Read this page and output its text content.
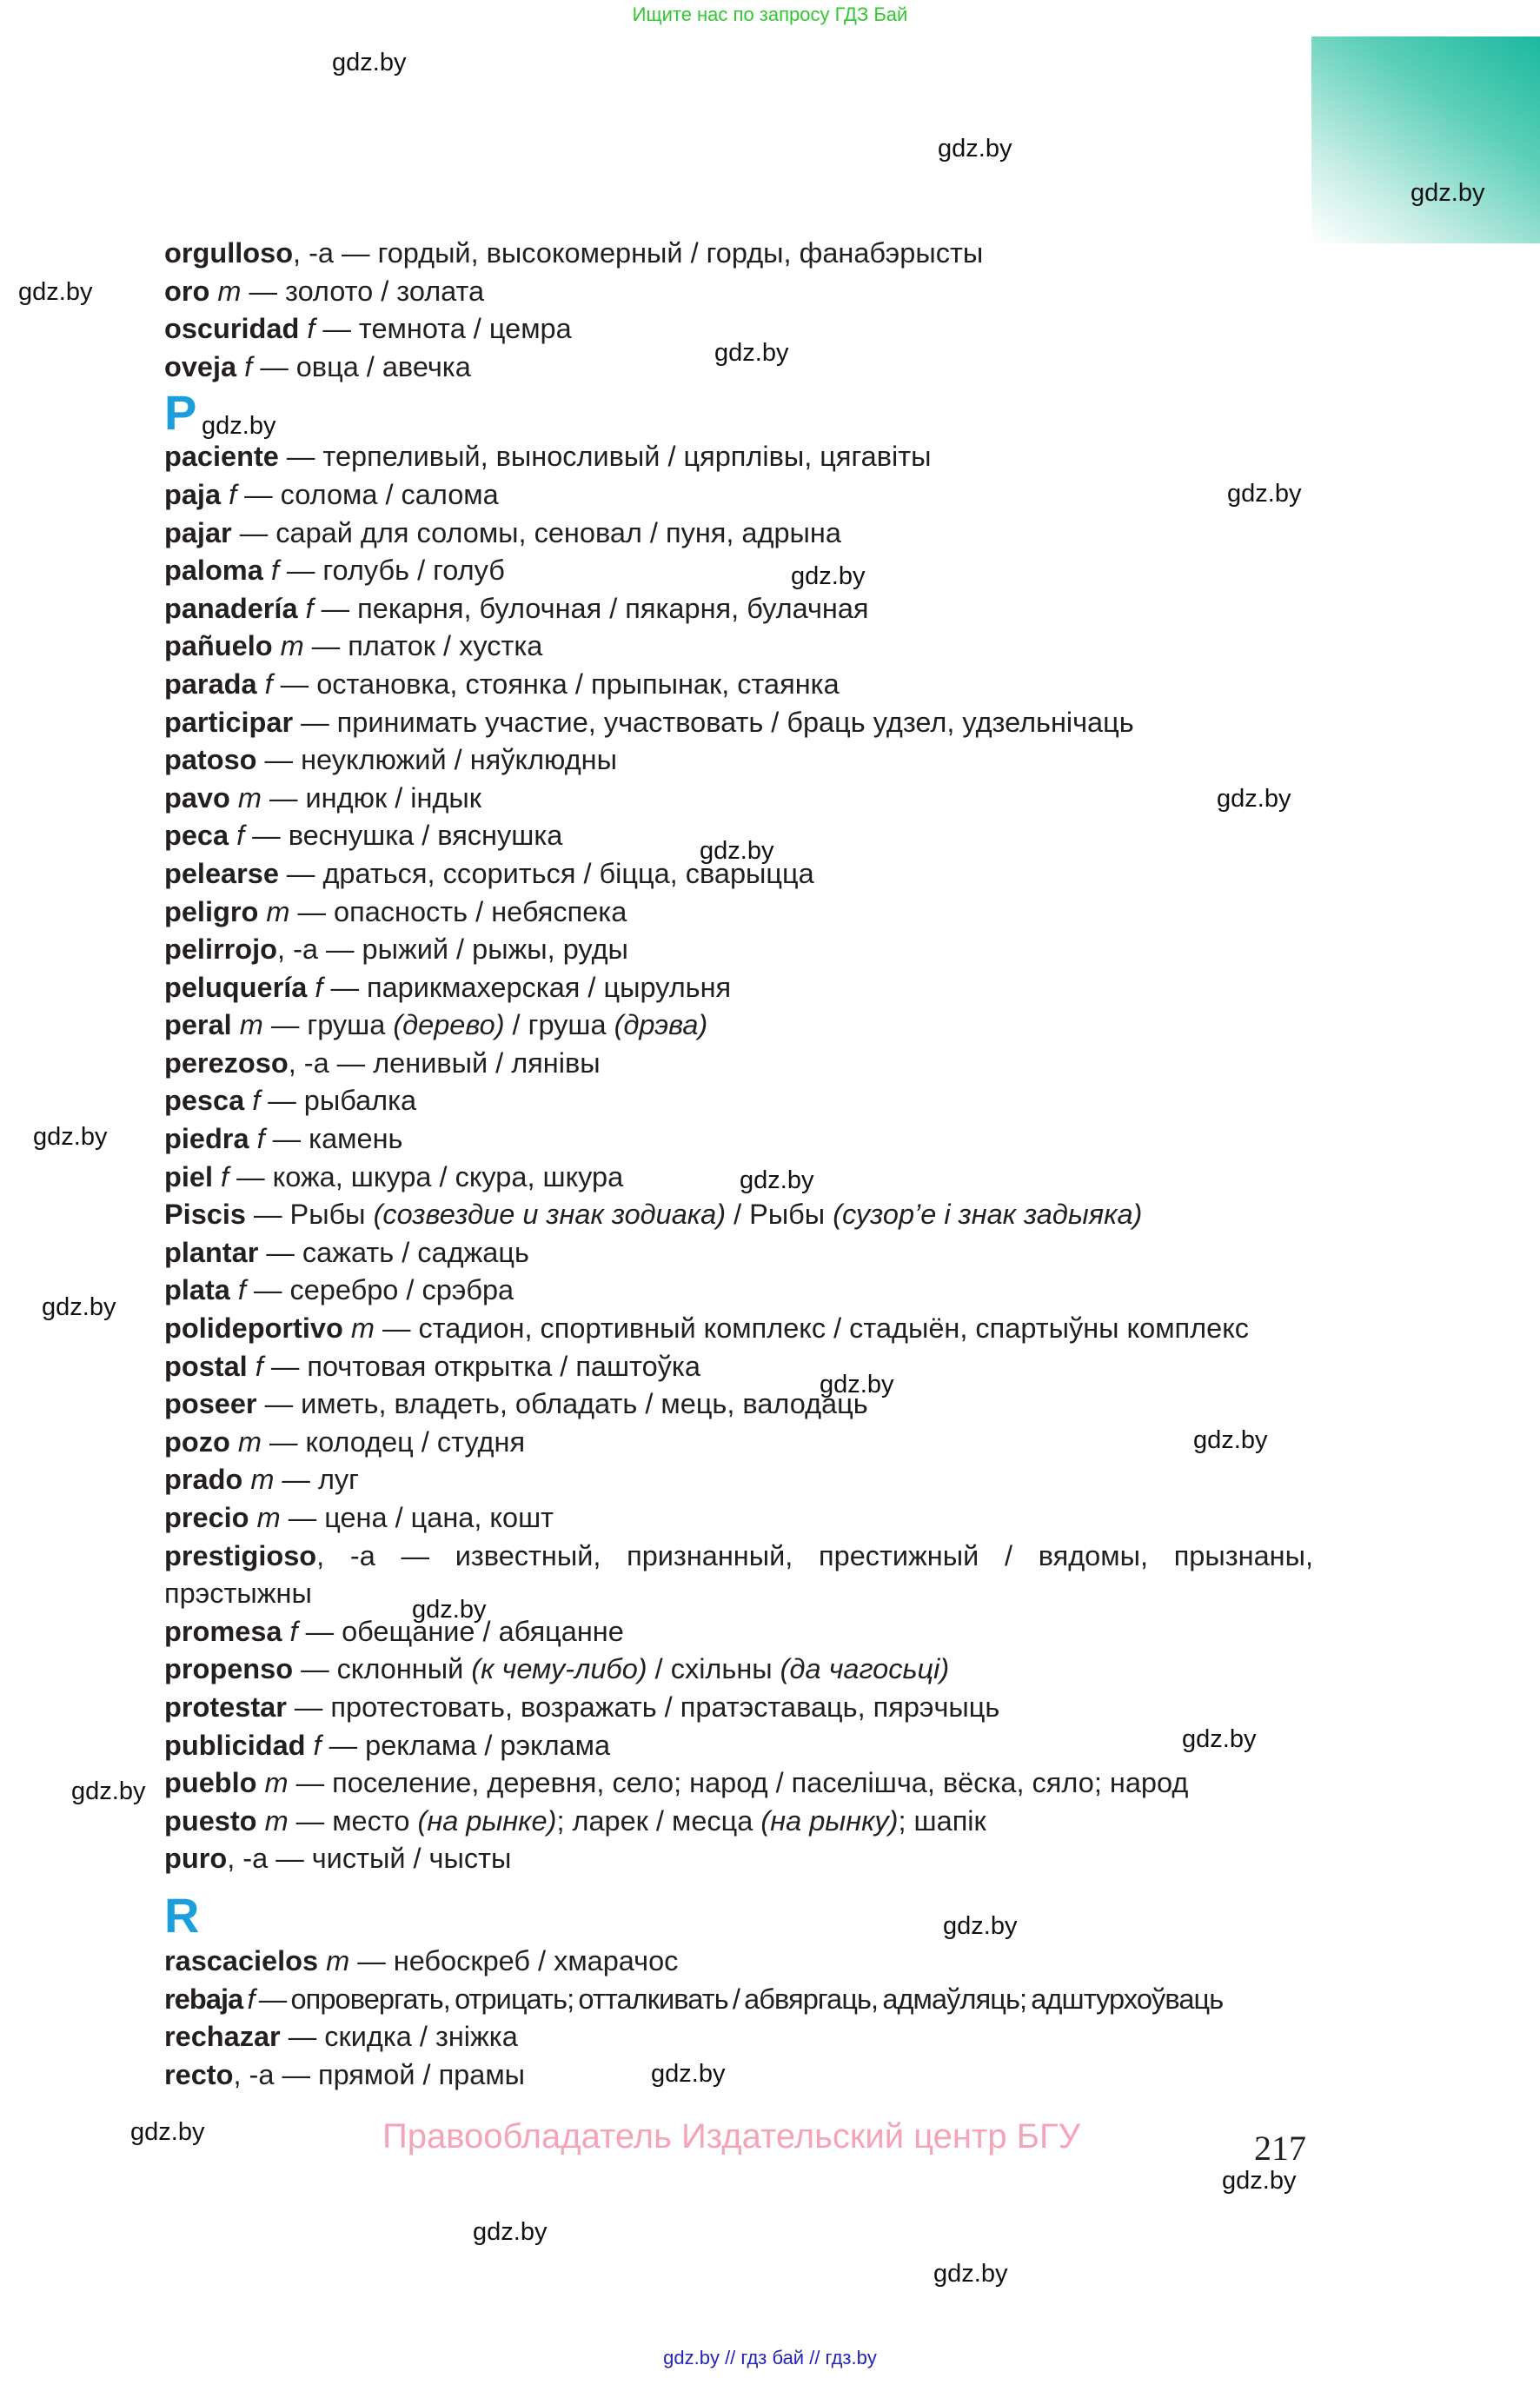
Ищите нас по запросу ГДЗ Бай
gdz.by
gdz.by
gdz.by
gdz.by
gdz.by
gdz.by
gdz.by
gdz.by
gdz.by
gdz.by
gdz.by
gdz.by
gdz.by
gdz.by
gdz.by
gdz.by
gdz.by
gdz.by
gdz.by
gdz.by
gdz.by
gdz.by
gdz.by
gdz.by
orgulloso, -a — гордый, высокомерный / горды, фанабэрысты
oro m — золото / золата
oscuridad f — темнота / цемра
oveja f — овца / авечка
P
paciente — терпеливый, выносливый / цярплівы, цягавіты
paja f — солома / салома
pajar — сарай для соломы, сеновал / пуня, адрына
paloma f — голубь / голуб
panadería f — пекарня, булочная / пякарня, булачная
pañuelo m — платок / хустка
parada f — остановка, стоянка / прыпынак, стаянка
participar — принимать участие, участвовать / браць удзел, удзельнічаць
patoso — неуклюжий / няўклюдны
pavo m — индюк / індык
peca f — веснушка / вяснушка
pelearse — драться, ссориться / біцца, сварыцца
peligro m — опасность / небяспека
pelirrojo, -a — рыжий / рыжы, руды
peluquería f — парикмахерская / цырульня
peral m — груша (дерево) / груша (дрэва)
perezoso, -a — ленивый / лянівы
pesca f — рыбалка
piedra f — камень
piel f — кожа, шкура / скура, шкура
Piscis — Рыбы (созвездие и знак зодиака) / Рыбы (сузор’е і знак задыяка)
plantar — сажать / саджаць
plata f — серебро / срэбра
polideportivo m — стадион, спортивный комплекс / стадыён, спартыўны комплекс
postal f — почтовая открытка / паштоўка
poseer — иметь, владеть, обладать / мець, валодаць
pozo m — колодец / студня
prado m — луг
precio m — цена / цана, кошт
prestigioso, -a — известный, признанный, престижный / вядомы, прызнаны, прэстыжны
promesa f — обещание / абяцанне
propenso — склонный (к чему-либо) / схільны (да чагосьці)
protestar — протестовать, возражать / пратэставаць, пярэчыць
publicidad f — реклама / рэклама
pueblo m — поселение, деревня, село; народ / паселішча, вёска, сяло; народ
puesto m — место (на рынке); ларек / месца (на рынку); шапік
puro, -a — чистый / чысты
R
rascacielos m — небоскреб / хмарачос
rebaja f — опровергать, отрицать; отталкивать / абвяргаць, адмаўляць; адштурхоўваць
rechazar — скидка / зніжка
recto, -a — прямой / прамы
Правообладатель Издательский центр БГУ	217
gdz.by // гдз бай // гдз.by
